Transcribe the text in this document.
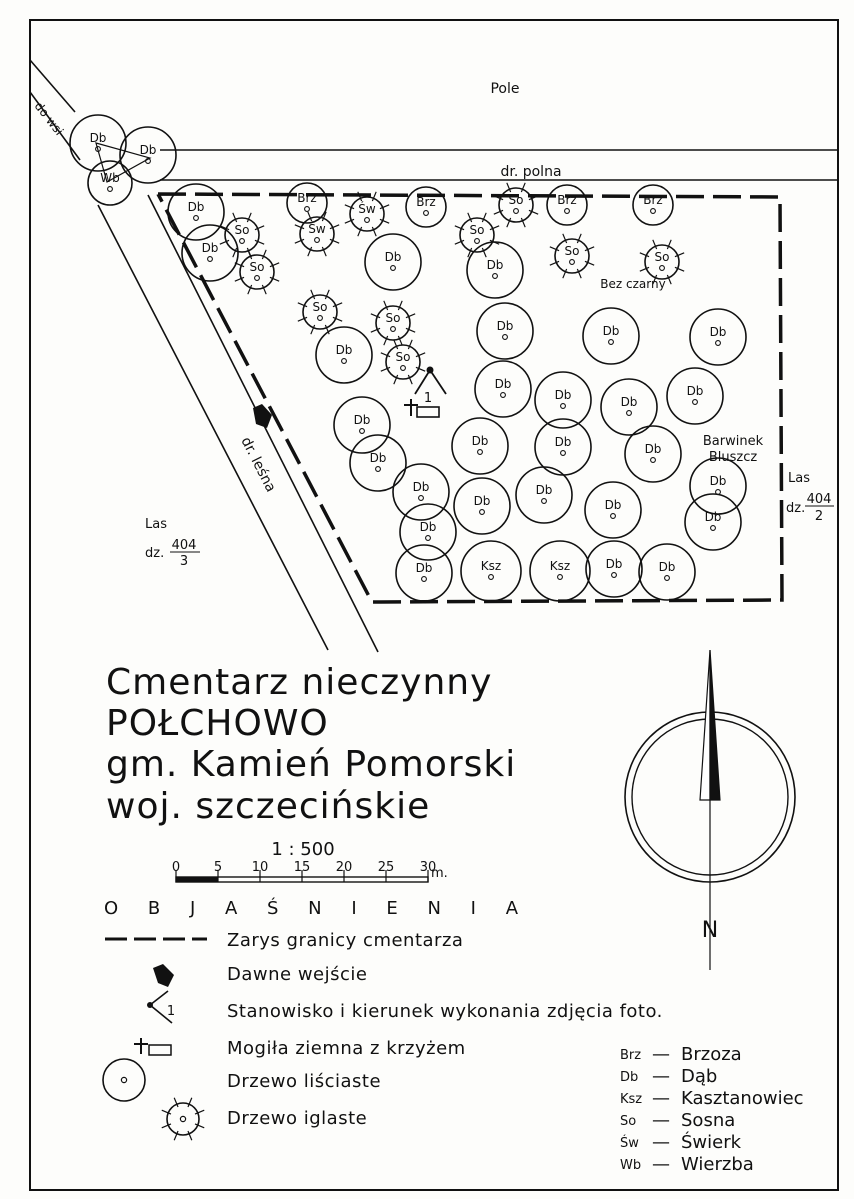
Db
Db
Wb
Db
Db
So
So
Brz
Św
Św	Brz
Db
So
Db
So
So
So
So	Brz	Brz
So	So
Db
Db
Db
Db	Db
Db
Db	Db
Db
Db
Db
Db
Db
Db
Db	Db
Db
Db
Db
Db
Db
Ksz	Ksz	Db	Db
1
Pole
dr. polna
do wsi
dr. leśna
Bez czarny
Barwinek
Bluszcz
Las
dz.
404
3
Las
dz.
404
2
N
1 : 500
m.
1
Cmentarz nieczynny
POŁCHOWO
gm. Kamień Pomorski
woj. szczecińskie
0	5	10	15	20	25	30
O B J A Ś N I E N I A
Zarys granicy cmentarza
Dawne wejście
Stanowisko i kierunek wykonania zdjęcia foto.
Mogiła ziemna z krzyżem
Drzewo liściaste
Drzewo iglaste
Brz — Brzoza
Db — Dąb
Ksz — Kasztanowiec
So — Sosna
Św — Świerk
Wb — Wierzba
